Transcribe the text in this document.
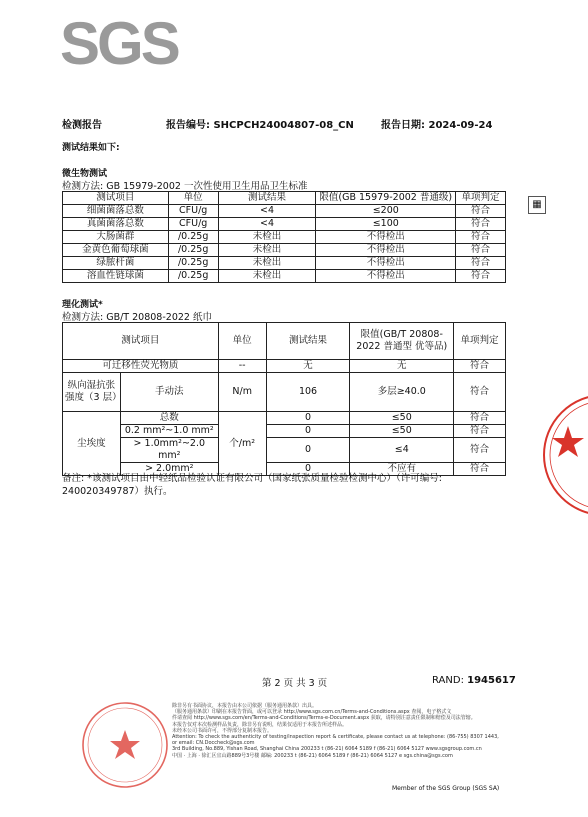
SGS
检测报告	报告编号: SHCPCH24004807-08_CN	报告日期: 2024-09-24
测试结果如下:
微生物测试
检测方法: GB 15979-2002 一次性使用卫生用品卫生标准
▦
测试项目	单位	测试结果	限值(GB 15979-2002 普通级)	单项判定
细菌菌落总数	CFU/g	<4	≤200	符合
真菌菌落总数	CFU/g	<4	≤100	符合
大肠菌群	/0.25g	未检出	不得检出	符合
金黄色葡萄球菌	/0.25g	未检出	不得检出	符合
绿脓杆菌	/0.25g	未检出	不得检出	符合
溶血性链球菌	/0.25g	未检出	不得检出	符合
理化测试*
检测方法: GB/T 20808-2022 纸巾
测试项目		单位	测试结果	限值(GB/T 20808-2022 普通型 优等品)	单项判定
可迁移性荧光物质		--	无	无	符合
纵向湿抗张强度（3 层）	手动法	N/m	106	多层≥40.0	符合
尘埃度	总数	个/m²	0	≤50	符合
	0.2 mm²~1.0 mm²		0	≤50	符合
	> 1.0mm²~2.0 mm²		0	≤4	符合
	> 2.0mm²		0	不应有	符合
备注: *该测试项目由中轻纸品检验认证有限公司（国家纸张质量检验检测中心）（许可编号: 240020349787）执行。
第 2 页 共 3 页	RAND: 1945617
除非另有书面协议，本报告由本公司依据（服务通用条款）出具。
（服务通用条款）印刷在本报告背面，或可以登录 http://www.sgs.com.cn/Terms-and-Conditions.aspx 查阅，电子格式文
件请查阅 http://www.sgs.com/en/Terms-and-Conditions/Terms-e-Document.aspx 获取，请特别注意责任限制和赔偿及司法管辖。
本报告仅对本次检测样品负责，除非另有说明，结果仅适用于本报告所述样品。
未经本公司书面许可，不得部分复制本报告。
Attention: To check the authenticity of testing/inspection report & certificate, please contact us at telephone: (86-755) 8307 1443,
or email: CN.Doccheck@sgs.com
3rd Building, No.889, Yishan Road, Shanghai China 200233 t (86-21) 6064 5189 f (86-21) 6064 5127 www.sgsgroup.com.cn
中国 · 上海 · 徐汇区宜山路889号3号楼 邮编: 200233 t (86-21) 6064 5189 f (86-21) 6064 5127 e sgs.china@sgs.com
Member of the SGS Group (SGS SA)
